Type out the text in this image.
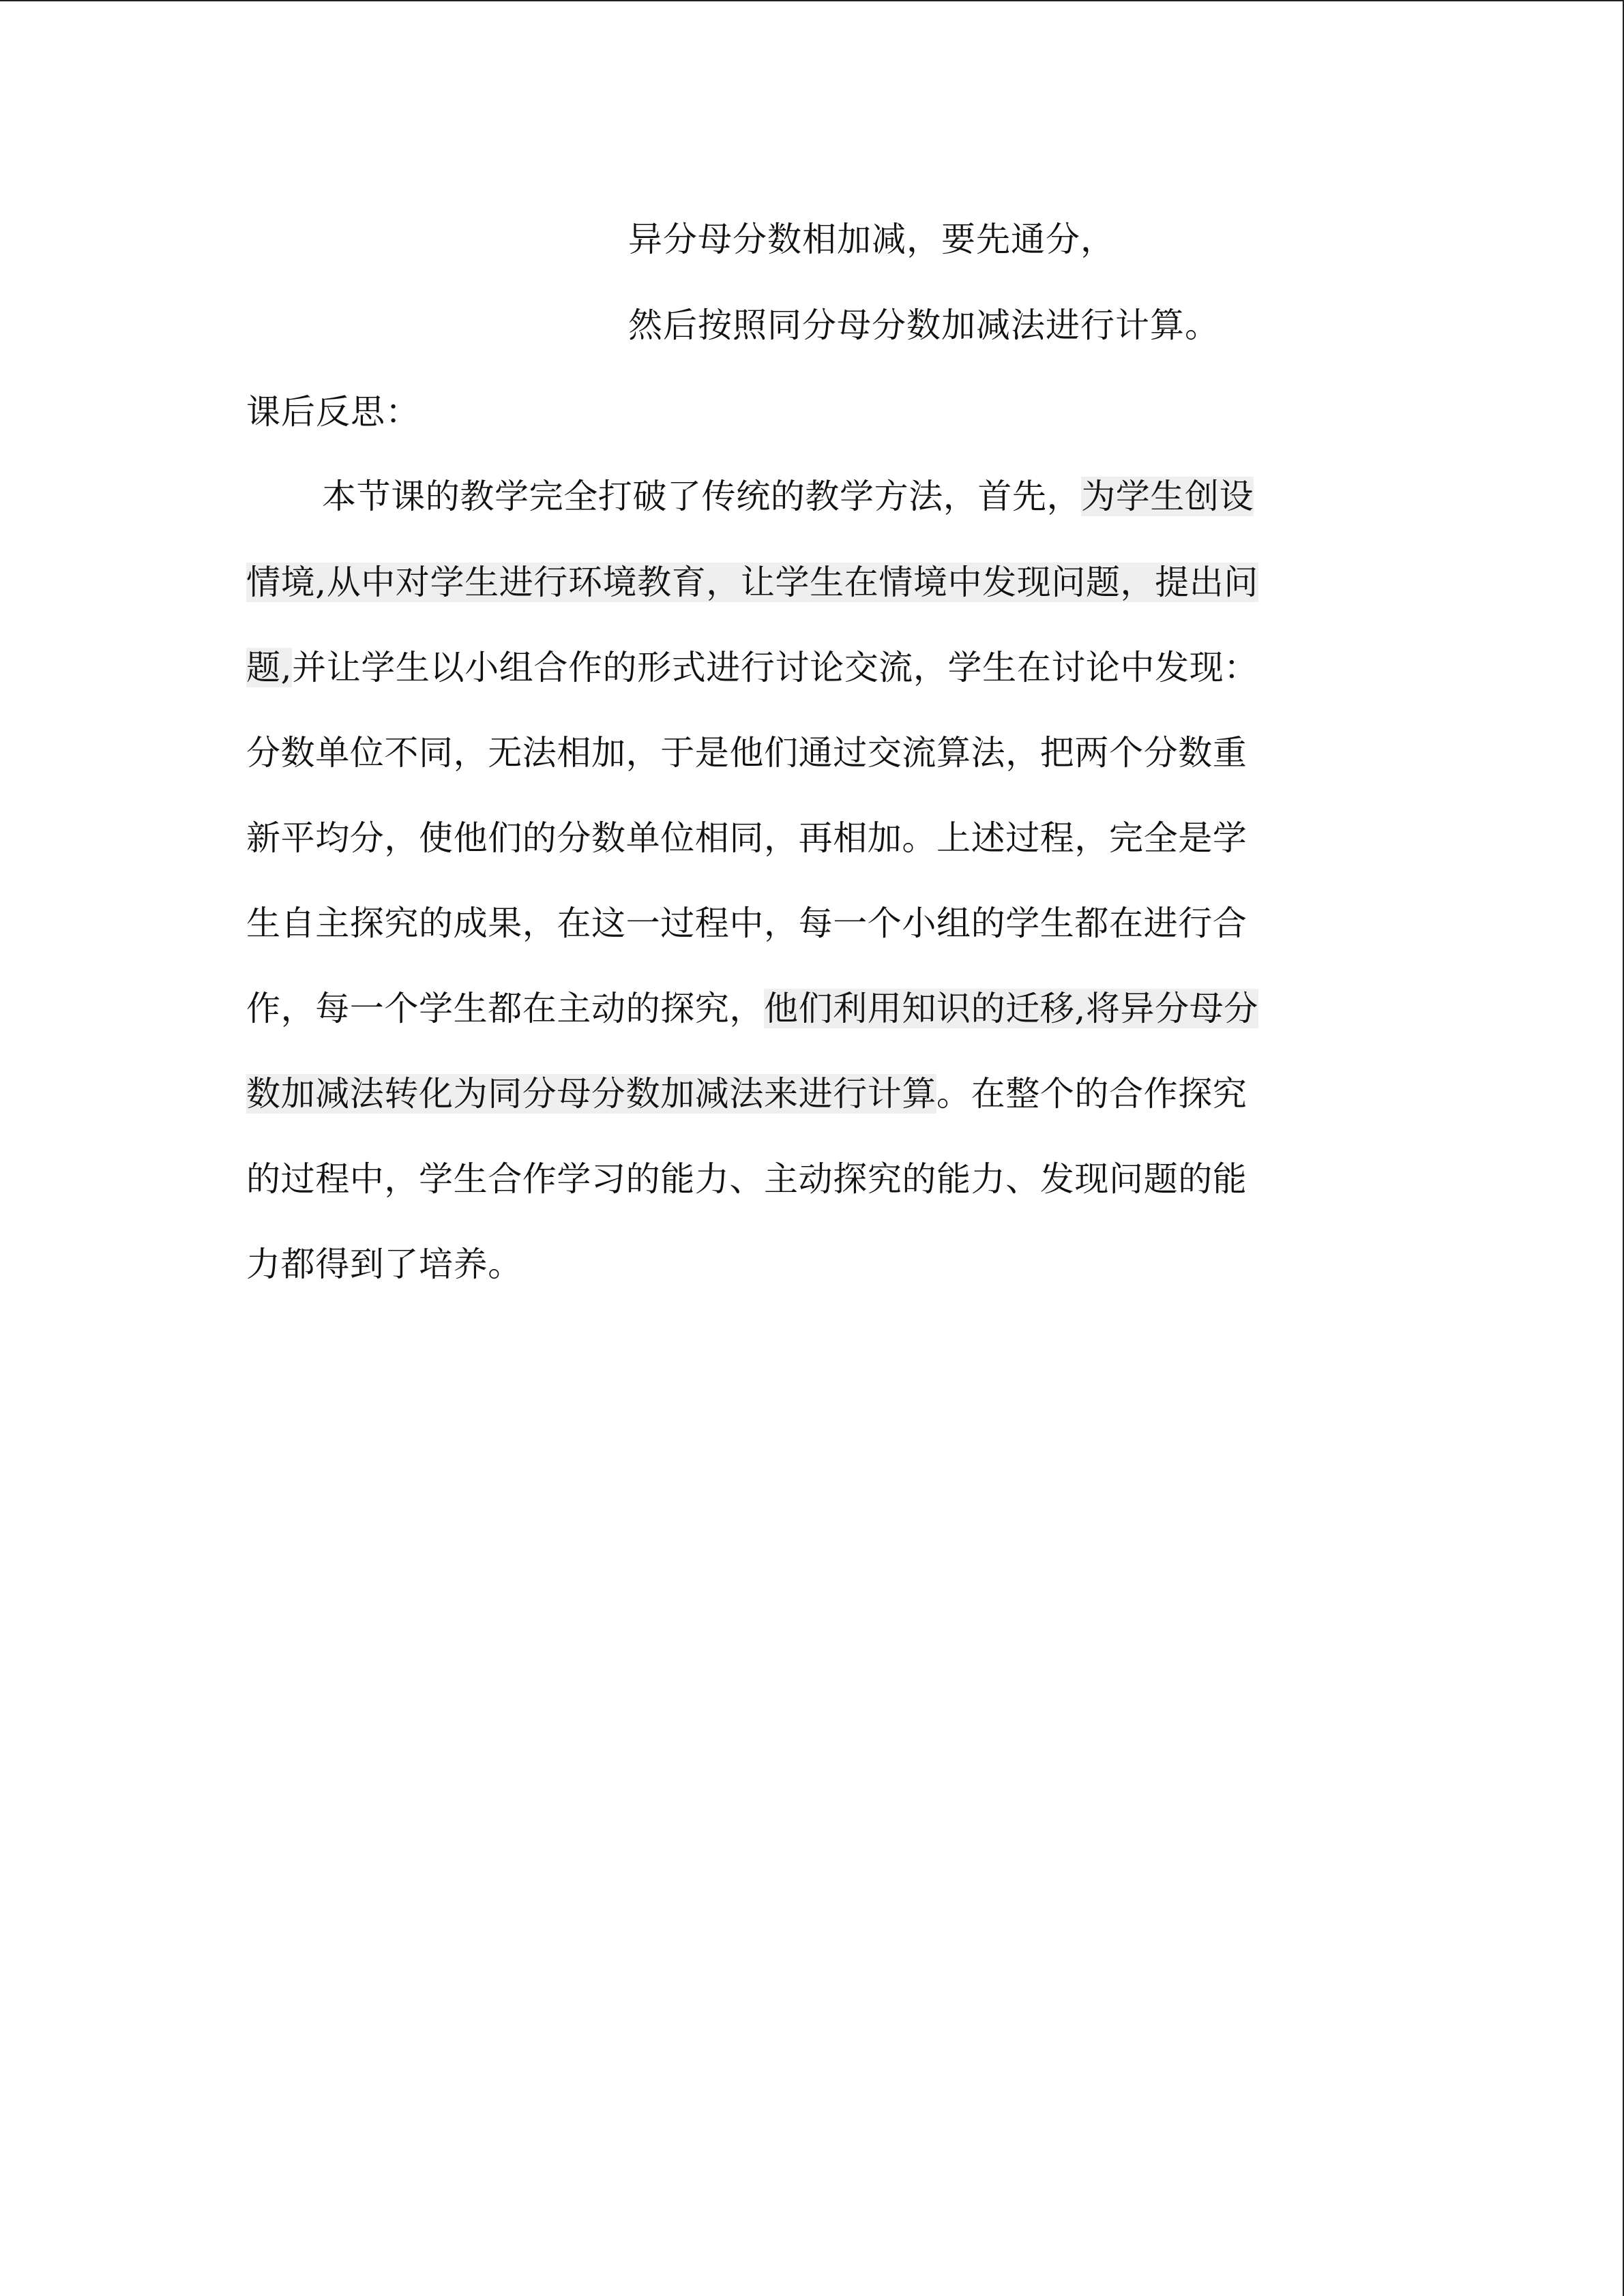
异分母分数相加减，要先通分，
然后按照同分母分数加减法进行计算。
课后反思：
本节课的教学完全打破了传统的教学方法，首先，为学生创设
情境,从中对学生进行环境教育，让学生在情境中发现问题，提出问
题,并让学生以小组合作的形式进行讨论交流，学生在讨论中发现：
分数单位不同，无法相加，于是他们通过交流算法，把两个分数重
新平均分，使他们的分数单位相同，再相加。上述过程，完全是学
生自主探究的成果，在这一过程中，每一个小组的学生都在进行合
作，每一个学生都在主动的探究，他们利用知识的迁移,将异分母分
数加减法转化为同分母分数加减法来进行计算。在整个的合作探究
的过程中，学生合作学习的能力、主动探究的能力、发现问题的能
力都得到了培养。
